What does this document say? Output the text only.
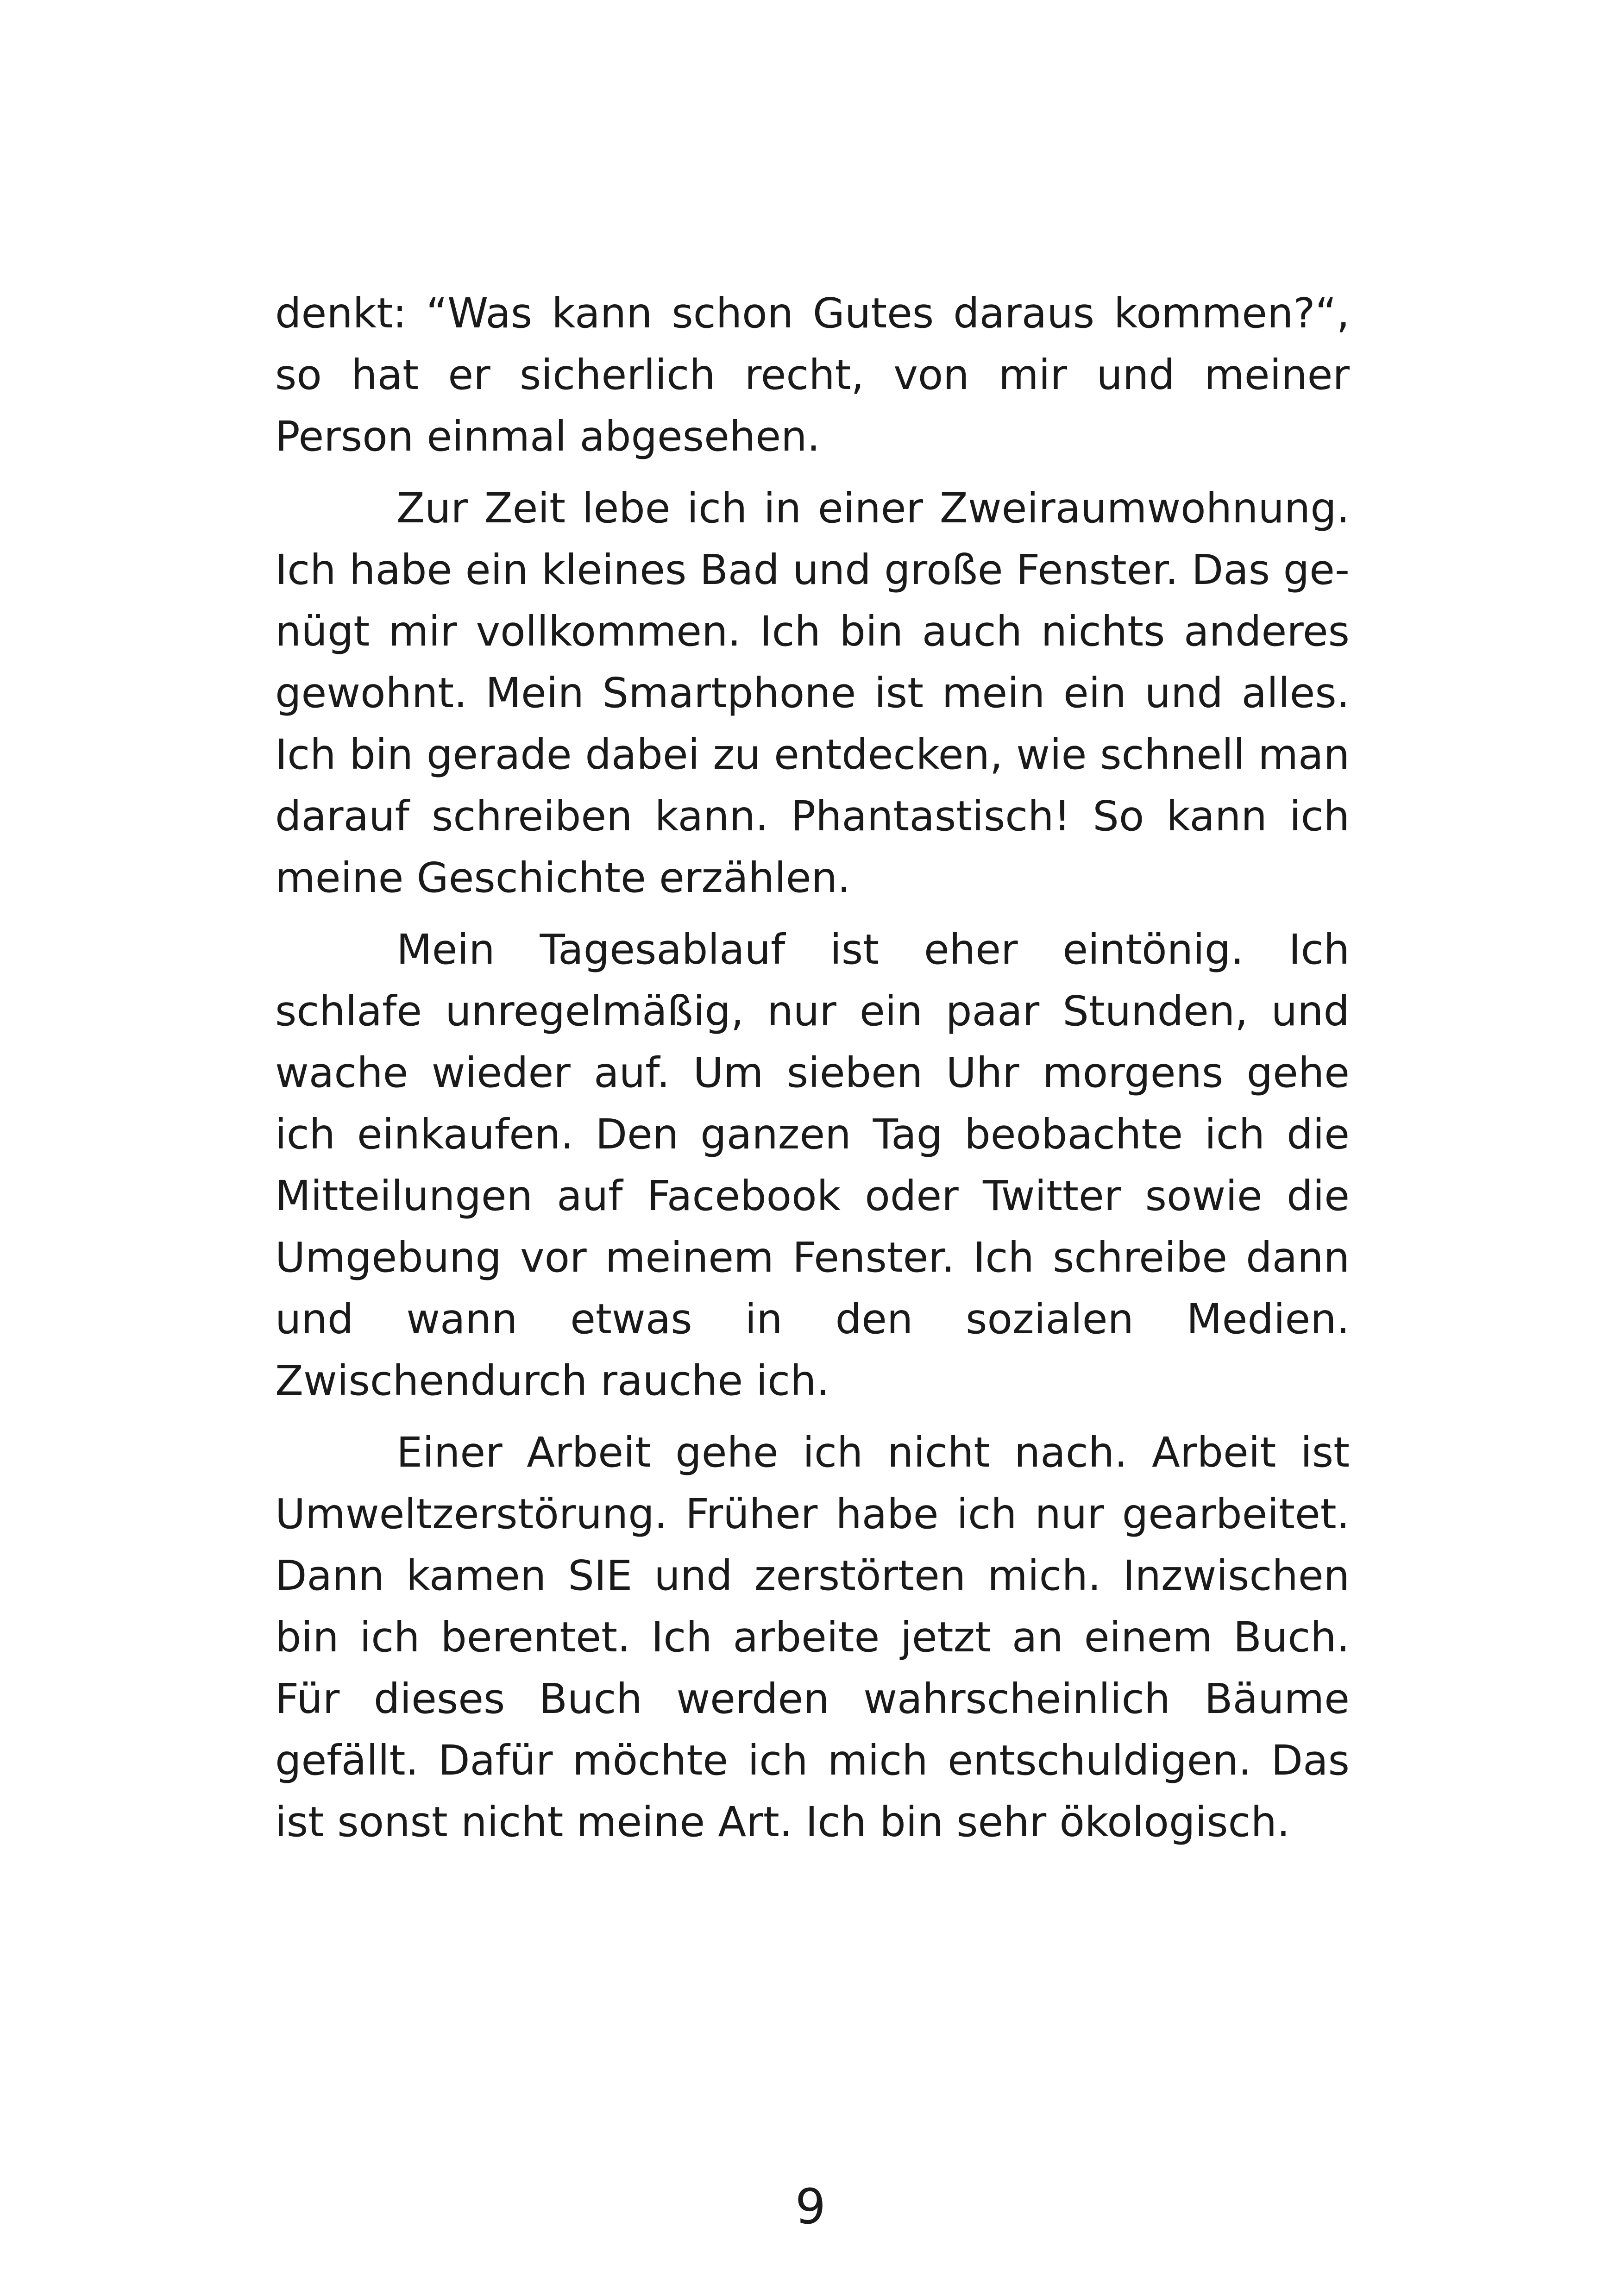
denkt: “Was kann schon Gutes daraus kommen?“, so hat er sicherlich recht, von mir und meiner Person einmal abgesehen.

Zur Zeit lebe ich in einer Zweiraumwohnung. Ich habe ein kleines Bad und große Fenster. Das genügt mir vollkommen. Ich bin auch nichts anderes gewohnt. Mein Smartphone ist mein ein und alles. Ich bin gerade dabei zu entdecken, wie schnell man darauf schreiben kann. Phantastisch! So kann ich meine Geschichte erzählen.

Mein Tagesablauf ist eher eintönig. Ich schlafe unregelmäßig, nur ein paar Stunden, und wache wieder auf. Um sieben Uhr morgens gehe ich einkaufen. Den ganzen Tag beobachte ich die Mitteilungen auf Facebook oder Twitter sowie die Umgebung vor meinem Fenster. Ich schreibe dann und wann etwas in den sozialen Medien. Zwischendurch rauche ich.

Einer Arbeit gehe ich nicht nach. Arbeit ist Umweltzerstörung. Früher habe ich nur gearbeitet. Dann kamen SIE und zerstörten mich. Inzwischen bin ich berentet. Ich arbeite jetzt an einem Buch. Für dieses Buch werden wahrscheinlich Bäume gefällt. Dafür möchte ich mich entschuldigen. Das ist sonst nicht meine Art. Ich bin sehr ökologisch.

9
